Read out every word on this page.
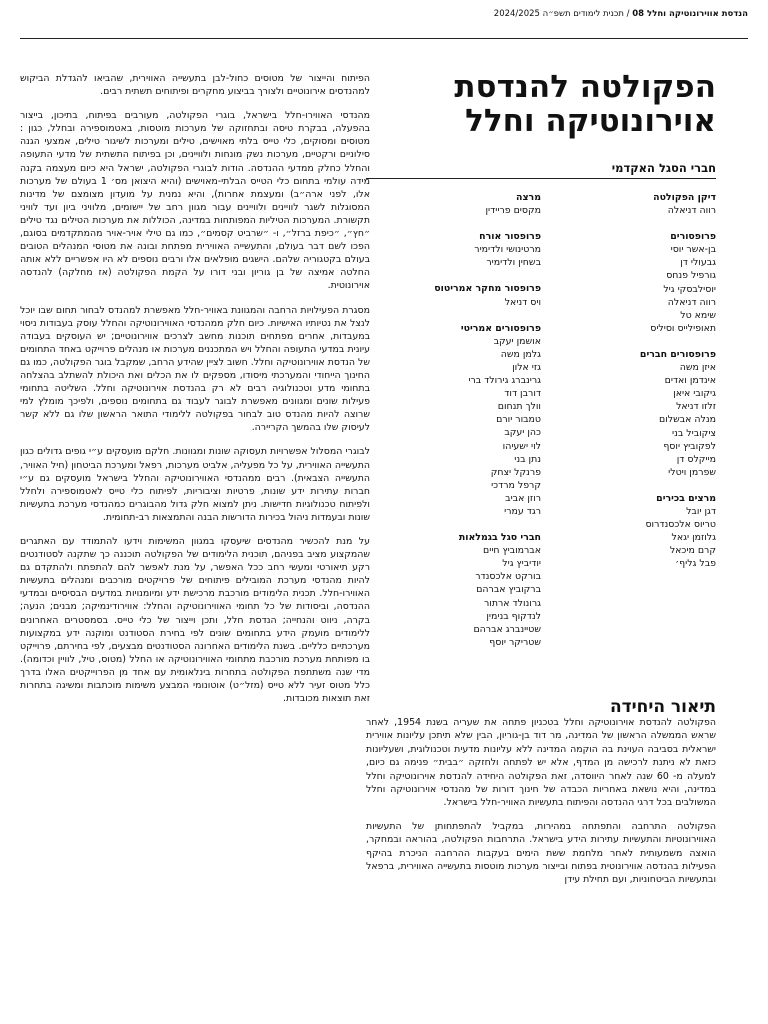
הנדסת אווירונוטיקה וחלל 08 / תכנית לימודים תשפ״ה 2024/2025
הפקולטה להנדסת
אוירונוטיקה וחלל
חברי הסגל האקדמי
דיקן הפקולטה
רווה דניאלה
פרופסורים
בן-אשר יוסי
גבעולי דן
גורפיל פנחס
יוסילבסקי גיל
רווה דניאלה
שימא טל
תאופילייס וסיליס
פרופסורים חברים
איזן משה
אינדמן ואדים
גיקובי איאן
זלזו דניאל
מנלה אבשלום
ציקוביל בני
לפקוביץ יוסף
מייקלס דן
שפרמן ויטלי
מרצים בכירים
דגן יובל
טריוס אלכסנדרוס
גלוזמן יגאל
קרם מיכאל
פבל גליף׳
מרצה
מקסים פריידין
פרופסור אורח
מרטינושי ולדימיר
בשחין ולדימיר
פרופסור מחקר אמריטוס
ויס דניאל
פרופסורים אמריטי
אושמן יעקב
גלמן משה
גזי אלון
גרינברג גירולד ברי
דורבן דוד
וולך תנחום
טמבור יורם
כהן יעקב
לוי ישעיהו
נתן בני
פרנקל יצחק
קרפל מרדכי
רוזן אביב
רגד עמרי
חברי סגל בגמלאות
אברמוביץ חיים
יודיביץ גיל
בורקט אלכסנדר
ברקוביץ אברהם
גרונולד ארתור
לנדקוף בנימין
שטיינברג אברהם
שטריקר יוסף
תיאור היחידה

הפקולטה להנדסת אוירונוטיקה וחלל בטכניון פתחה את שעריה בשנת 1954, לאחר שראש הממשלה הראשון של המדינה, מר דוד בן-גוריון, הבין שלא תיתכן עליונות אווירית ישראלית בסביבה העוינת בה הוקמה המדינה ללא עליונות מדעית וטכנולוגית, ושעליונות כזאת לא ניתנת לרכישה מן המדף, אלא יש לפתחה ולחזקה ״בבית״ פנימה גם כיום, למעלה מ- 60 שנה לאחר היווסדה, זאת הפקולטה היחידה להנדסת אוירונוטיקה וחלל במדינה, והיא נושאת באחריות הכבדה של חינוך דורות של מהנדסי אוירונוטיקה וחלל המשולבים בכל דרגי ההנדסה והפיתוח בתעשיות האוויר-חלל בישראל.

הפקולטה התרחבה והתפתחה במהירות, במקביל להתפתחותן של התעשיות האווירונוטיות והתעשיות עתירות הידע בישראל. התרחבות הפקולטה, בהוראה ובמחקר, הואצה משמעותית לאחר מלחמת ששת הימים בעקבות ההרחבה הניכרת בהיקף הפעילות בהנדסה אווירונוטית בפתוח ובייצור מערכות מוטסות בתעשייה האווירית, ברפאל ובתעשיות הביטחוניות, ועם תחילת עידן

הפיתוח והייצור של מטוסים כחול-לבן בתעשייה האווירית, שהביאו להגדלת הביקוש למהנדסים אירונוטיים ולצורך בביצוע מחקרים ופיתוחים תשתית רבים.

מהנדסי האווירו-חלל בישראל, בוגרי הפקולטה, מעורבים בפיתוח, בתיכון, בייצור בהפעלה, בבקרת טיסה ובתחזוקה של מערכות מוטסות, באטמוספירה ובחלל, כגון : מטוסים ומסוקים, כלי טייס בלתי מאוישים, טילים ומערכות לשיגור טילים, אמצעי הגנה סילוניים ורקטיים, מערכות נשק מונחות ולוויינים, וכן בפיתוח התשתית של מדעי התעופה והחלל כחלק ממדעי ההנדסה. הודות לבוגרי הפקולטה, ישראל היא כיום מעצמה בקנה מידה עולמי בתחום כלי הטייס הבלתי-מאוישים (והיא היצואן מס׳ 1 בעולם של מערכות אלו, לפני ארה״ב) ומעצמת אחרות), והיא נמנית על מועדון מצומצם של מדינות המסוגלות לשגר לוויינים ולוויינים עבור מגוון רחב של יישומים, מלוויני ביון ועד לוויני תקשורת. המערכות הטיליות המפותחות במדינה, הכוללות את מערכות הטילים נגד טילים ״חץ״, ״כיפת ברזל״, ו- ״שרביט קסמים״, כמו גם טילי אויר-אויר מהמתקדמים בסוגם, הפכו לשם דבר בעולם, והתעשייה האווירית מפתחת ובונה את מטוסי המנהלים הטובים בעולם בקטגוריה שלהם. הישגים מופלאים אלו ורבים נוספים לא היו אפשריים ללא אותה החלטה אמיצה של בן גוריון ובני דורו על הקמת הפקולטה (אז מחלקה) להנדסה אוירונוטית.

מסגרת הפעילויות הרחבה והמגוונת באוויר-חלל מאפשרת למהנדס לבחור תחום שבו יוכל לנצל את נטיותיו האישיות. כיום חלק ממהנדסי האווירונוטיקה והחלל עוסק בעבודות ניסוי במעבדות, אחרים מפתחים תוכנות מחשב לצרכים אווירונוטיים; יש העוסקים בעבודה עיונית במדעי התעופה והחלל ויש המתכננים מערכות או מנהלים פרוייקט באחד התחומים של הנדסת אווירונוטיקה וחלל. חשוב לציין שהידע הרחב, שמקבל בוגר הפקולטה, כמו גם החינוך הייחודי והמערכתי מיסודו, מספקים לו את הכלים ואת היכולת להשתלב בהצלחה בתחומי מדע וטכנולוגיה רבים לא רק בהנדסת אוירונוטיקה וחלל. השליטה בתחומי פעילות שונים ומגוונים מאפשרת לבוגר לעבוד גם בתחומים נוספים, ולפיכך מומלץ למי שרוצה להיות מהנדס טוב לבחור בפקולטה ללימודי התואר הראשון שלו גם ללא קשר לעיסוק שלו בהמשך הקריירה.

לבוגרי המסלול אפשרויות תעסוקה שונות ומגוונות. חלקם מועסקים ע״י גופים גדולים כגון התעשייה האווירית, על כל מפעליה, אלביט מערכות, רפאל ומערכת הביטחון (חיל האוויר, התעשייה הצבאית). רבים ממהנדסי האווירונוטיקה והחלל בישראל מועסקים גם ע״י חברות עתירות ידע שונות, פרטיות וציבוריות, לפיתוח כלי טייס לאטמוספירה ולחלל ולפיתוח טכנולוגיות חדישות. ניתן למצוא חלק גדול מהבוגרים כמהנדסי מערכת בתעשיות שונות ובעמדות ניהול בכירות הדורשות הבנה והתמצאות רב-תחומית.

על מנת להכשיר מהנדסים שיעסקו במגוון המשימות וידעו להתמודד עם האתגרים שהמקצוע מציב בפניהם, תוכנית הלימודים של הפקולטה תוכננה כך שתקנה לסטודנטים רקע תיאורטי ומעשי רחב ככל האפשר, על מנת לאפשר להם להתפתח ולהתקדם גם להיות מהנדסי מערכת המובילים פיתוחים של פרויקטים מורכבים ומנהלים בתעשיות האווירו-חלל. תכנית הלימודים מורכבת מרכישת ידע ומיומנויות במדעים הבסיסיים ובמדעי ההנדסה, וביסודות של כל תחומי האווירונוטיקה והחלל: אווירודינמיקה; מבנים; הנעה; בקרה, ניווט והנחייה; הנדסת חלל, ותכן וייצור של כלי טייס. בסמסטרים האחרונים ללימודים מועמק הידע בתחומים שונים לפי בחירת הסטודנט ומוקנה ידע במקצועות מערכתיים כלליים. בשנת הלימודים האחרונה הסטודנטים מבצעים, לפי בחירתם, פרוייקט בו מפותחת מערכת מורכבת מתחומי האווירונוטיקה או החלל (מטוס, טיל, לוויין וכדומה). מדי שנה משתתפת הפקולטה בתחרות בינלאומית עם אחד מן הפרוייקטים האלו בדרך כלל מטוס זעיר ללא טייס (מזל״ט) אוטונומי המבצע משימות מוכתבות ומשיגה בתחרות זאת תוצאות מכובדות.
